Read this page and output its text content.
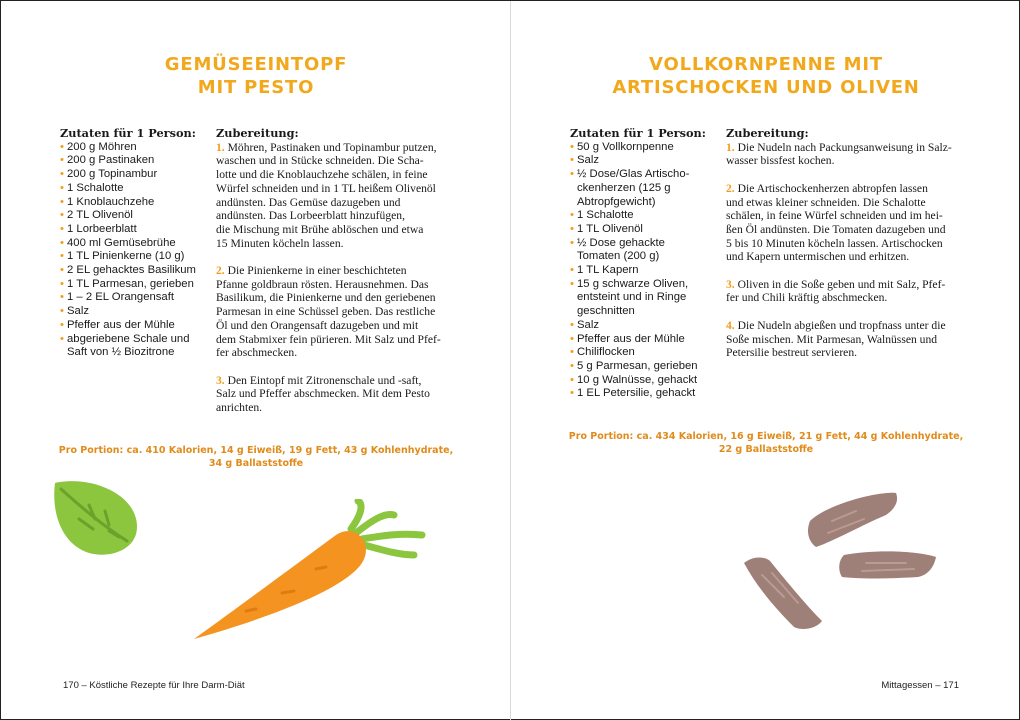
GEMÜSEEINTOPF
MIT PESTO
Zutaten für 1 Person:
• 200 g Möhren
• 200 g Pastinaken
• 200 g Topinambur
• 1 Schalotte
• 1 Knoblauchzehe
• 2 TL Olivenöl
• 1 Lorbeerblatt
• 400 ml Gemüsebrühe
• 1 TL Pinienkerne (10 g)
• 2 EL gehacktes Basilikum
• 1 TL Parmesan, gerieben
• 1 – 2 EL Orangensaft
• Salz
• Pfeffer aus der Mühle
• abgeriebene Schale und
Saft von ½ Biozitrone
Zubereitung:
1. Möhren, Pastinaken und Topinambur putzen,
waschen und in Stücke schneiden. Die Scha-
lotte und die Knoblauchzehe schälen, in feine
Würfel schneiden und in 1 TL heißem Olivenöl
andünsten. Das Gemüse dazugeben und
andünsten. Das Lorbeerblatt hinzufügen,
die Mischung mit Brühe ablöschen und etwa
15 Minuten köcheln lassen.
2. Die Pinienkerne in einer beschichteten
Pfanne goldbraun rösten. Herausnehmen. Das
Basilikum, die Pinienkerne und den geriebenen
Parmesan in eine Schüssel geben. Das restliche
Öl und den Orangensaft dazugeben und mit
dem Stabmixer fein pürieren. Mit Salz und Pfef-
fer abschmecken.
3. Den Eintopf mit Zitronenschale und -saft,
Salz und Pfeffer abschmecken. Mit dem Pesto
anrichten.
Pro Portion: ca. 410 Kalorien, 14 g Eiweiß, 19 g Fett, 43 g Kohlenhydrate,
34 g Ballaststoffe
170 – Köstliche Rezepte für Ihre Darm-Diät
VOLLKORNPENNE MIT
ARTISCHOCKEN UND OLIVEN
Zutaten für 1 Person:
• 50 g Vollkornpenne
• Salz
• ½ Dose/Glas Artischo-
ckenherzen (125 g
Abtropfgewicht)
• 1 Schalotte
• 1 TL Olivenöl
• ½ Dose gehackte
Tomaten (200 g)
• 1 TL Kapern
• 15 g schwarze Oliven,
entsteint und in Ringe
geschnitten
• Salz
• Pfeffer aus der Mühle
• Chiliflocken
• 5 g Parmesan, gerieben
• 10 g Walnüsse, gehackt
• 1 EL Petersilie, gehackt
Zubereitung:
1. Die Nudeln nach Packungsanweisung in Salz-
wasser bissfest kochen.
2. Die Artischockenherzen abtropfen lassen
und etwas kleiner schneiden. Die Schalotte
schälen, in feine Würfel schneiden und im hei-
ßen Öl andünsten. Die Tomaten dazugeben und
5 bis 10 Minuten köcheln lassen. Artischocken
und Kapern untermischen und erhitzen.
3. Oliven in die Soße geben und mit Salz, Pfef-
fer und Chili kräftig abschmecken.
4. Die Nudeln abgießen und tropfnass unter die
Soße mischen. Mit Parmesan, Walnüssen und
Petersilie bestreut servieren.
Pro Portion: ca. 434 Kalorien, 16 g Eiweiß, 21 g Fett, 44 g Kohlenhydrate,
22 g Ballaststoffe
Mittagessen – 171
